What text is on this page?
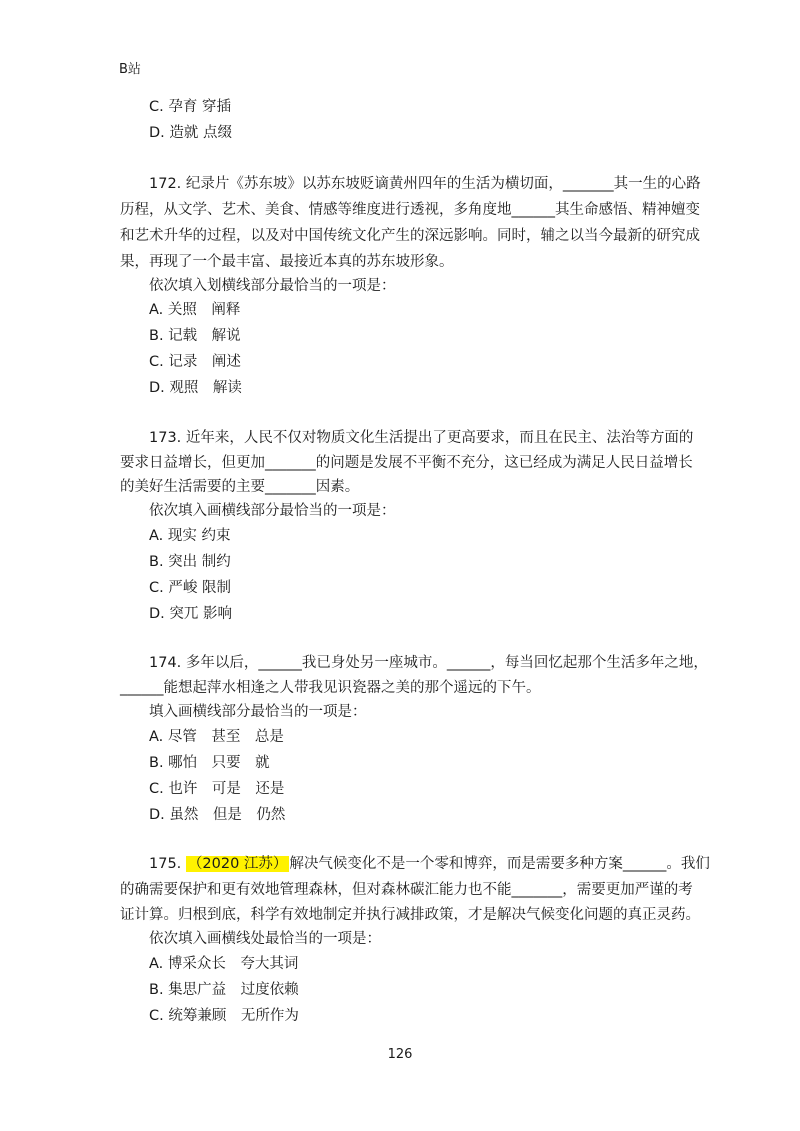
B站
C. 孕育 穿插
D. 造就 点缀
172. 纪录片《苏东坡》以苏东坡贬谪黄州四年的生活为横切面，_______其一生的心路
历程，从文学、艺术、美食、情感等维度进行透视，多角度地______其生命感悟、精神嬗变
和艺术升华的过程，以及对中国传统文化产生的深远影响。同时，辅之以当今最新的研究成
果，再现了一个最丰富、最接近本真的苏东坡形象。
依次填入划横线部分最恰当的一项是：
A. 关照　阐释
B. 记载　解说
C. 记录　阐述
D. 观照　解读
173. 近年来，人民不仅对物质文化生活提出了更高要求，而且在民主、法治等方面的
要求日益增长，但更加_______的问题是发展不平衡不充分，这已经成为满足人民日益增长
的美好生活需要的主要_______因素。
依次填入画横线部分最恰当的一项是：
A. 现实 约束
B. 突出 制约
C. 严峻 限制
D. 突兀 影响
174. 多年以后，______我已身处另一座城市。______，每当回忆起那个生活多年之地，
______能想起萍水相逢之人带我见识瓷器之美的那个遥远的下午。
填入画横线部分最恰当的一项是：
A. 尽管　甚至　总是
B. 哪怕　只要　就
C. 也许　可是　还是
D. 虽然　但是　仍然
175. （2020 江苏） 解决气候变化不是一个零和博弈，而是需要多种方案______。我们
的确需要保护和更有效地管理森林，但对森林碳汇能力也不能_______，需要更加严谨的考
证计算。归根到底，科学有效地制定并执行减排政策，才是解决气候变化问题的真正灵药。
依次填入画横线处最恰当的一项是：
A. 博采众长　夸大其词
B. 集思广益　过度依赖
C. 统筹兼顾　无所作为
126
